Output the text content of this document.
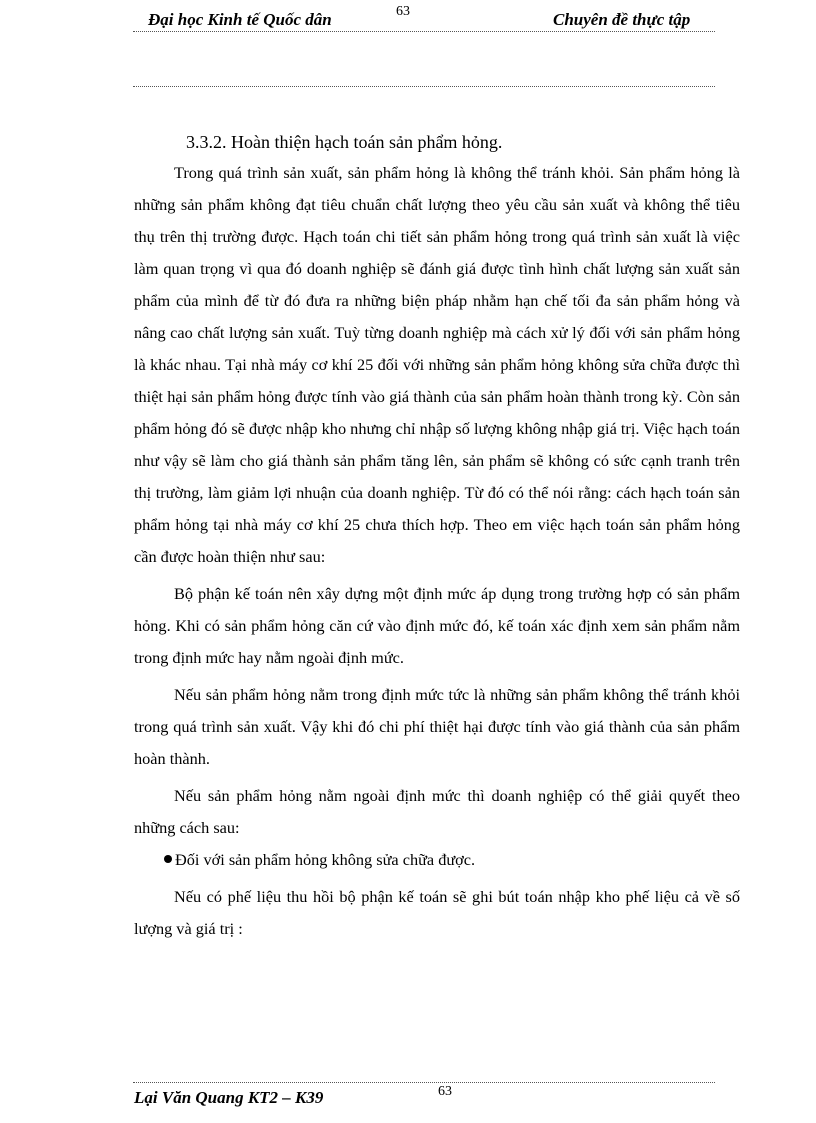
Đại học Kinh tế Quốc dân	63	Chuyên đề thực tập
3.3.2. Hoàn thiện hạch toán sản phẩm hỏng.

Trong quá trình sản xuất, sản phẩm hỏng là không thể tránh khỏi. Sản phẩm hỏng là những sản phẩm không đạt tiêu chuẩn chất lượng theo yêu cầu sản xuất và không thể tiêu thụ trên thị trường được. Hạch toán chi tiết sản phẩm hỏng trong quá trình sản xuất là việc làm quan trọng vì qua đó doanh nghiệp sẽ đánh giá được tình hình chất lượng sản xuất sản phẩm của mình để từ đó đưa ra những biện pháp nhằm hạn chế tối đa sản phẩm hỏng và nâng cao chất lượng sản xuất. Tuỳ từng doanh nghiệp mà cách xử lý đối với sản phẩm hỏng là khác nhau. Tại nhà máy cơ khí 25 đối với những sản phẩm hỏng không sửa chữa được thì thiệt hại sản phẩm hỏng được tính vào giá thành của sản phẩm hoàn thành trong kỳ. Còn sản phẩm hỏng đó sẽ được nhập kho nhưng chỉ nhập số lượng không nhập giá trị. Việc hạch toán như vậy sẽ làm cho giá thành sản phẩm tăng lên, sản phẩm sẽ không có sức cạnh tranh trên thị trường, làm giảm lợi nhuận của doanh nghiệp. Từ đó có thể nói rằng: cách hạch toán sản phẩm hỏng tại nhà máy cơ khí 25 chưa thích hợp. Theo em việc hạch toán sản phẩm hỏng cần được hoàn thiện như sau:

Bộ phận kế toán nên xây dựng một định mức áp dụng trong trường hợp có sản phẩm hỏng. Khi có sản phẩm hỏng căn cứ vào định mức đó, kế toán xác định xem sản phẩm nằm trong định mức hay nằm ngoài định mức.

Nếu sản phẩm hỏng nằm trong định mức tức là những sản phẩm không thể tránh khỏi trong quá trình sản xuất. Vậy khi đó chi phí thiệt hại được tính vào giá thành của sản phẩm hoàn thành.

Nếu sản phẩm hỏng nằm ngoài định mức thì doanh nghiệp có thể giải quyết theo những cách sau:

Đối với sản phẩm hỏng không sửa chữa được.

Nếu có phế liệu thu hồi bộ phận kế toán sẽ ghi bút toán nhập kho phế liệu cả về số lượng và giá trị :

Lại Văn Quang KT2 – K39	63
